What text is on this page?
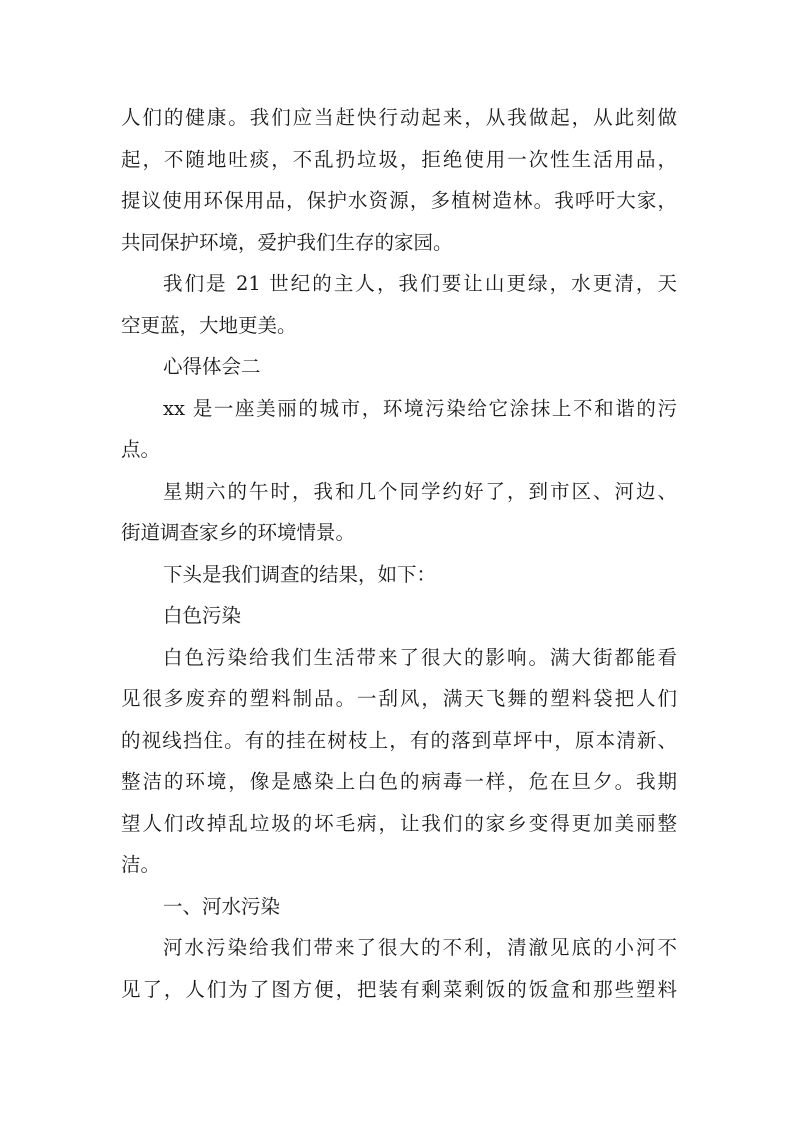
人们的健康。我们应当赶快行动起来，从我做起，从此刻做
起，不随地吐痰，不乱扔垃圾，拒绝使用一次性生活用品，
提议使用环保用品，保护水资源，多植树造林。我呼吁大家，
共同保护环境，爱护我们生存的家园。
我们是 21 世纪的主人，我们要让山更绿，水更清，天
空更蓝，大地更美。
心得体会二
xx 是一座美丽的城市，环境污染给它涂抹上不和谐的污
点。
星期六的午时，我和几个同学约好了，到市区、河边、
街道调查家乡的环境情景。
下头是我们调查的结果，如下：
白色污染
白色污染给我们生活带来了很大的影响。满大街都能看
见很多废弃的塑料制品。一刮风，满天飞舞的塑料袋把人们
的视线挡住。有的挂在树枝上，有的落到草坪中，原本清新、
整洁的环境，像是感染上白色的病毒一样，危在旦夕。我期
望人们改掉乱垃圾的坏毛病，让我们的家乡变得更加美丽整
洁。
一、河水污染
河水污染给我们带来了很大的不利，清澈见底的小河不
见了，人们为了图方便，把装有剩菜剩饭的饭盒和那些塑料
